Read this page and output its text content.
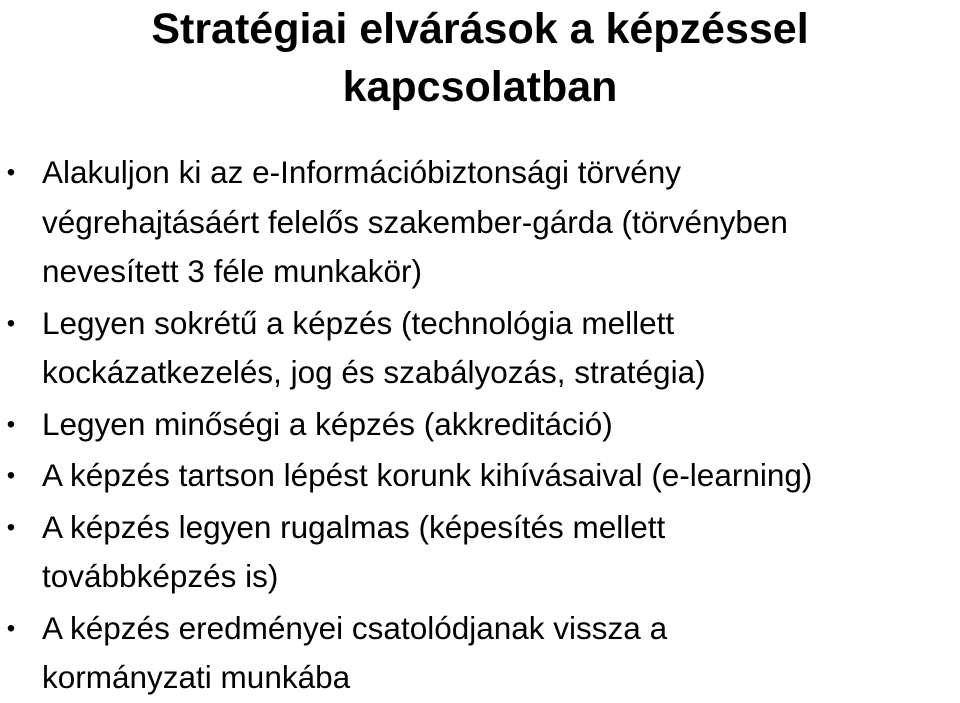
Stratégiai elvárások a képzéssel
kapcsolatban
• Alakuljon ki az e-Információbiztonsági törvény
végrehajtásáért felelős szakember-gárda (törvényben
nevesített 3 féle munkakör)
• Legyen sokrétű a képzés (technológia mellett
kockázatkezelés, jog és szabályozás, stratégia)
• Legyen minőségi a képzés (akkreditáció)
• A képzés tartson lépést korunk kihívásaival (e-learning)
• A képzés legyen rugalmas (képesítés mellett
továbbképzés is)
• A képzés eredményei csatolódjanak vissza a
kormányzati munkába
